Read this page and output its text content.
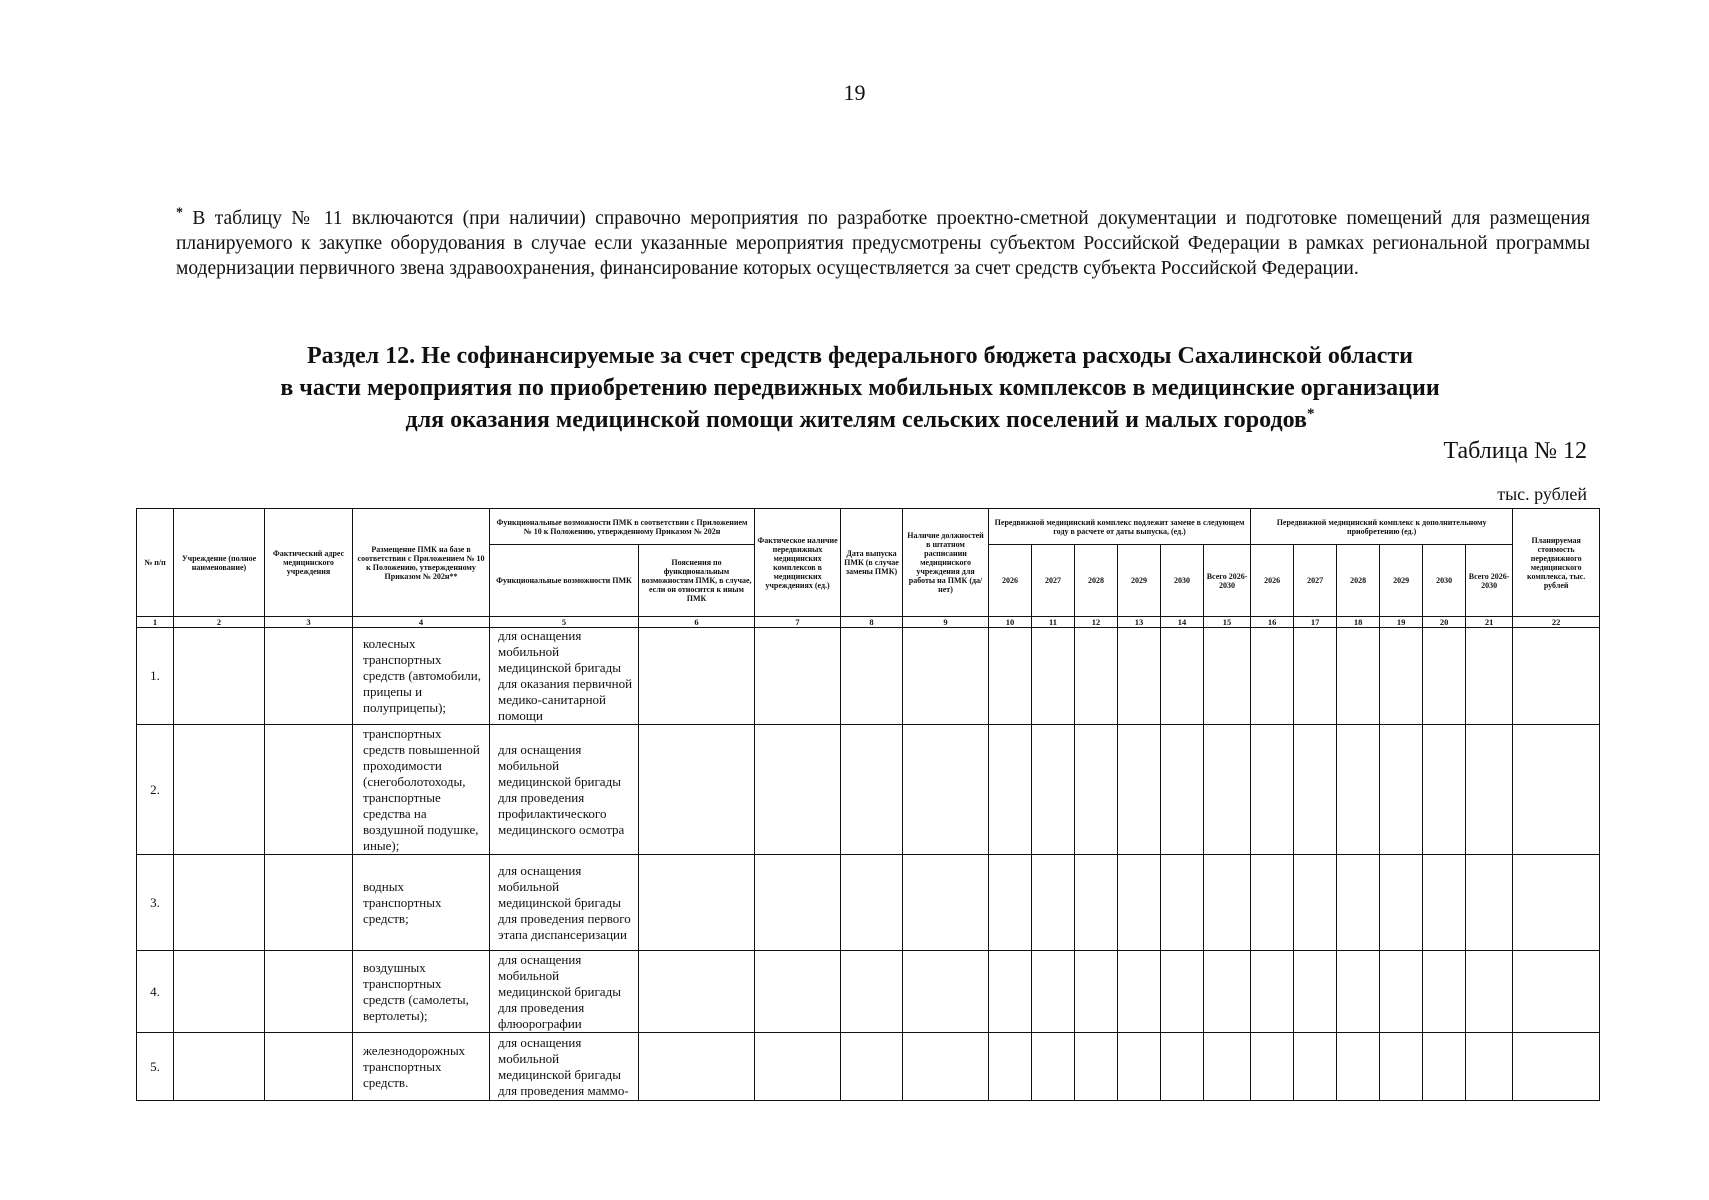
19
* В таблицу № 11 включаются (при наличии) справочно мероприятия по разработке проектно-сметной документации и подготовке помещений для размещения планируемого к закупке оборудования в случае если указанные мероприятия предусмотрены субъектом Российской Федерации в рамках региональной программы модернизации первичного звена здравоохранения, финансирование которых осуществляется за счет средств субъекта Российской Федерации.
Раздел 12. Не софинансируемые за счет средств федерального бюджета расходы Сахалинской области
в части мероприятия по приобретению передвижных мобильных комплексов в медицинские организации
для оказания медицинской помощи жителям сельских поселений и малых городов*
Таблица № 12
тыс. рублей
№ п/п	Учреждение (полное наименование)	Фактический адрес медицинского учреждения	Размещение ПМК на базе в соответствии с Приложением № 10 к Положению, утвержденному Приказом № 202н**	Функциональные возможности ПМК в соответствии с Приложением № 10 к Положению, утвержденному Приказом № 202н		Фактическое наличие передвижных медицинских комплексов в медицинских учреждениях (ед.)	Дата выпуска ПМК (в случае замены ПМК)	Наличие должностей в штатном расписании медицинского учреждения для работы на ПМК (да/нет)	Передвижной медицинский комплекс подлежит замене в следующем году в расчете от даты выпуска, (ед.)						Передвижной медицинский комплекс к дополнительному приобретению (ед.)						Планируемая стоимость передвижного медицинского комплекса, тыс. рублей
				Функциональные возможности ПМК	Пояснения по функциональным возможностям ПМК, в случае, если он относится к иным ПМК				2026	2027	2028	2029	2030	Всего 2026-2030	2026	2027	2028	2029	2030	Всего 2026-2030	
1	2	3	4	5	6	7	8	9	10	11	12	13	14	15	16	17	18	19	20	21	22
1.			колесных транспортных средств (автомобили, прицепы и полуприцепы);	для оснащения мобильной медицинской бригады для оказания первичной медико-санитарной помощи																	
2.			транспортных средств повышенной проходимости (снегоболотоходы, транспортные средства на воздушной подушке, иные);	для оснащения мобильной медицинской бригады для проведения профилактического медицинского осмотра																	
3.			водных транспортных средств;	для оснащения мобильной медицинской бригады для проведения первого этапа диспансеризации																	
4.			воздушных транспортных средств (самолеты, вертолеты);	для оснащения мобильной медицинской бригады для проведения флюорографии																	
5.			железнодорожных транспортных средств.	для оснащения мобильной медицинской бригады для проведения маммо-																	
